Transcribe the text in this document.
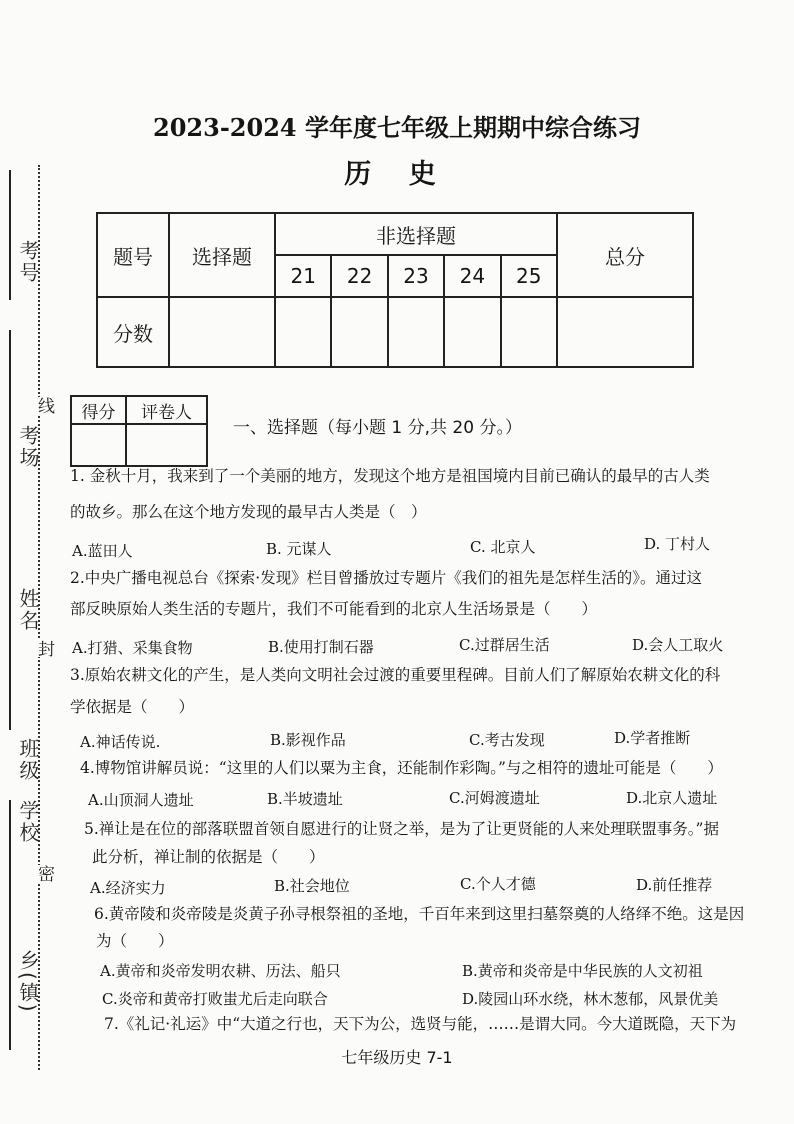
考号
考场
姓名
班级
学校
乡(镇)
线
封
密
2023-2024 学年度七年级上期期中综合练习
历 史
题号	选择题	非选择题					总分
		21	22	23	24	25	
分数							
得分	评卷人

一、选择题（每小题 1 分,共 20 分。）
1. 金秋十月，我来到了一个美丽的地方，发现这个地方是祖国境内目前已确认的最早的古人类
的故乡。那么在这个地方发现的最早古人类是（　）
A.蓝田人	B. 元谋人	C. 北京人	D. 丁村人
2.中央广播电视总台《探索·发现》栏目曾播放过专题片《我们的祖先是怎样生活的》。通过这
部反映原始人类生活的专题片，我们不可能看到的北京人生活场景是（　　）
A.打猎、采集食物	B.使用打制石器	C.过群居生活	D.会人工取火
3.原始农耕文化的产生，是人类向文明社会过渡的重要里程碑。目前人们了解原始农耕文化的科
学依据是（　　）
A.神话传说.	B.影视作品	C.考古发现	D.学者推断
4.博物馆讲解员说：“这里的人们以粟为主食，还能制作彩陶。”与之相符的遗址可能是（　　）
A.山顶洞人遗址	B.半坡遗址	C.河姆渡遗址	D.北京人遗址
5.禅让是在位的部落联盟首领自愿进行的让贤之举，是为了让更贤能的人来处理联盟事务。”据
此分析，禅让制的依据是（　　）
A.经济实力	B.社会地位	C.个人才德	D.前任推荐
6.黄帝陵和炎帝陵是炎黄子孙寻根祭祖的圣地，千百年来到这里扫墓祭奠的人络绎不绝。这是因
为（　　）
A.黄帝和炎帝发明农耕、历法、船只	B.黄帝和炎帝是中华民族的人文初祖
C.炎帝和黄帝打败蚩尤后走向联合	D.陵园山环水绕，林木葱郁，风景优美
7.《礼记·礼运》中“大道之行也，天下为公，选贤与能，……是谓大同。今大道既隐，天下为
七年级历史 7-1
